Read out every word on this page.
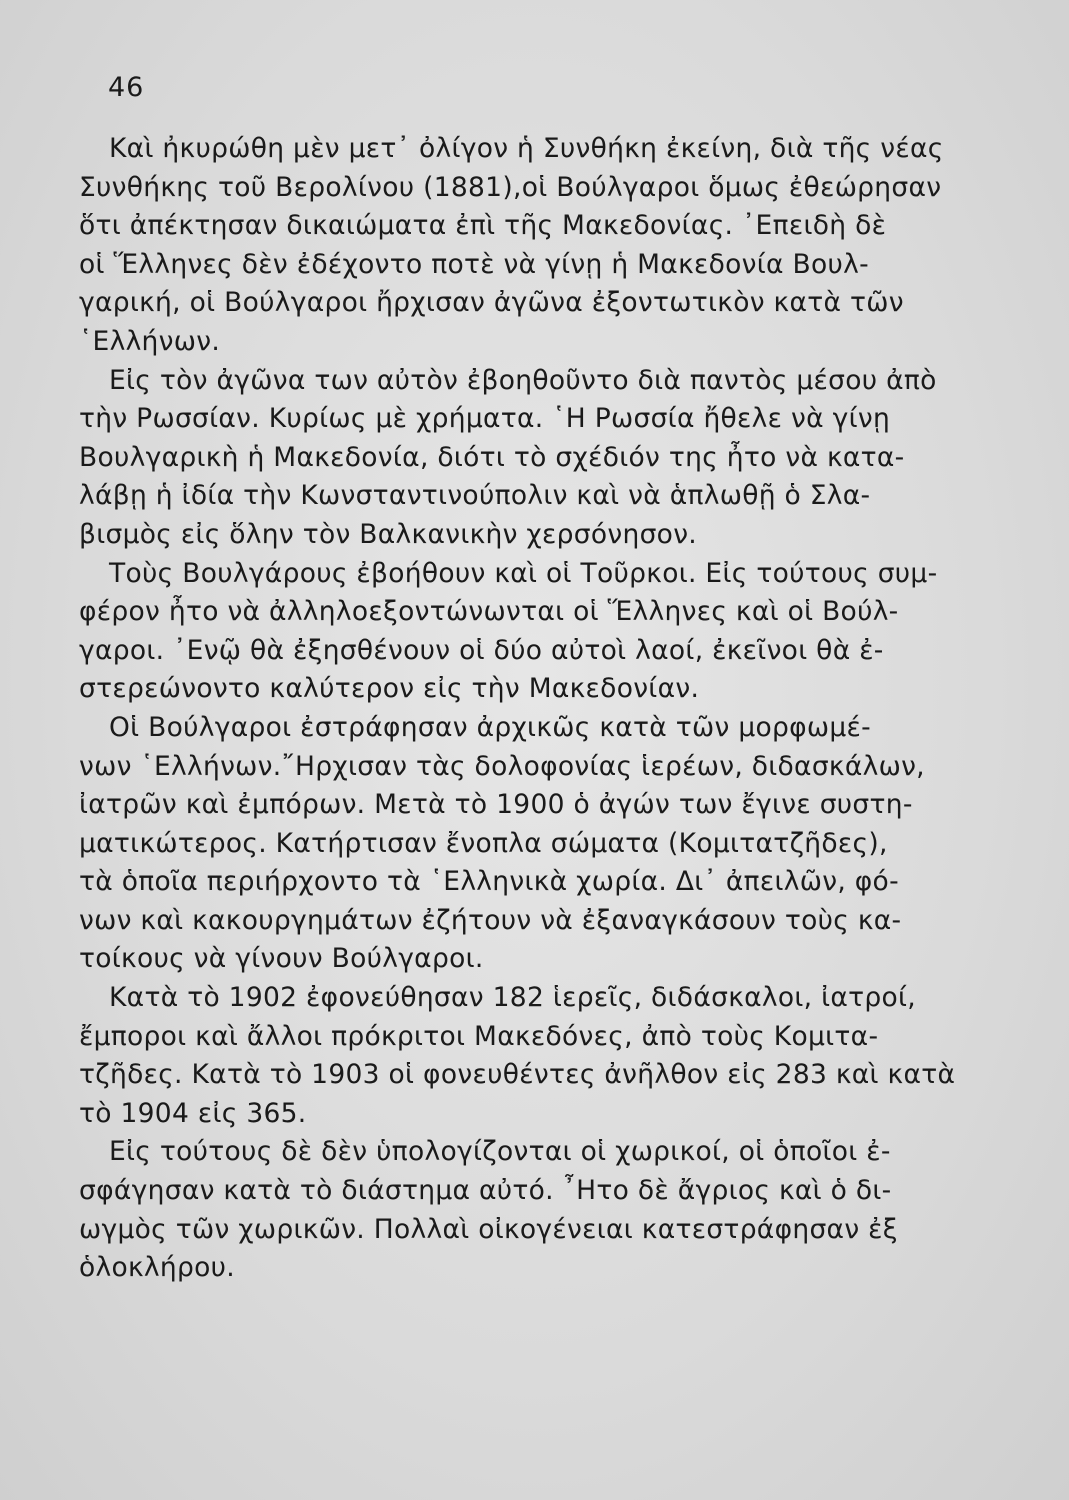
46
Καὶ ἠκυρώθη μὲν μετ᾽ ὀλίγον ἡ Συνθήκη ἐκείνη, διὰ τῆς νέας
Συνθήκης τοῦ Βερολίνου (1881),οἱ Βούλγαροι ὅμως ἐθεώρησαν
ὅτι ἀπέκτησαν δικαιώματα ἐπὶ τῆς Μακεδονίας. ᾿Επειδὴ δὲ
οἱ Ἕλληνες δὲν ἐδέχοντο ποτὲ νὰ γίνῃ ἡ Μακεδονία Βουλ-
γαρική, οἱ Βούλγαροι ἤρχισαν ἀγῶνα ἐξοντωτικὸν κατὰ τῶν
῾Ελλήνων.
Εἰς τὸν ἀγῶνα των αὐτὸν ἐβοηθοῦντο διὰ παντὸς μέσου ἀπὸ
τὴν Ρωσσίαν. Κυρίως μὲ χρήματα. ῾Η Ρωσσία ἤθελε νὰ γίνῃ
Βουλγαρικὴ ἡ Μακεδονία, διότι τὸ σχέδιόν της ἦτο νὰ κατα-
λάβῃ ἡ ἰδία τὴν Κωνσταντινούπολιν καὶ νὰ ἁπλωθῇ ὁ Σλα-
βισμὸς εἰς ὅλην τὸν Βαλκανικὴν χερσόνησον.
Τοὺς Βουλγάρους ἐβοήθουν καὶ οἱ Τοῦρκοι. Εἰς τούτους συμ-
φέρον ἦτο νὰ ἀλληλοεξοντώνωνται οἱ Ἕλληνες καὶ οἱ Βούλ-
γαροι. ᾿Ενῷ θὰ ἐξησθένουν οἱ δύο αὐτοὶ λαοί, ἐκεῖνοι θὰ ἐ-
στερεώνοντο καλύτερον εἰς τὴν Μακεδονίαν.
Οἱ Βούλγαροι ἐστράφησαν ἀρχικῶς κατὰ τῶν μορφωμέ-
νων ῾Ελλήνων.῎Ηρχισαν τὰς δολοφονίας ἱερέων, διδασκάλων,
ἰατρῶν καὶ ἐμπόρων. Μετὰ τὸ 1900 ὁ ἀγών των ἔγινε συστη-
ματικώτερος. Κατήρτισαν ἔνοπλα σώματα (Κομιτατζῆδες),
τὰ ὁποῖα περιήρχοντο τὰ ῾Ελληνικὰ χωρία. Δι᾽ ἀπειλῶν, φό-
νων καὶ κακουργημάτων ἐζήτουν νὰ ἐξαναγκάσουν τοὺς κα-
τοίκους νὰ γίνουν Βούλγαροι.
Κατὰ τὸ 1902 ἐφονεύθησαν 182 ἱερεῖς, διδάσκαλοι, ἰατροί,
ἔμποροι καὶ ἄλλοι πρόκριτοι Μακεδόνες, ἀπὸ τοὺς Κομιτα-
τζῆδες. Κατὰ τὸ 1903 οἱ φονευθέντες ἀνῆλθον εἰς 283 καὶ κατὰ
τὸ 1904 εἰς 365.
Εἰς τούτους δὲ δὲν ὑπολογίζονται οἱ χωρικοί, οἱ ὁποῖοι ἐ-
σφάγησαν κατὰ τὸ διάστημα αὐτό. ῏Ητο δὲ ἄγριος καὶ ὁ δι-
ωγμὸς τῶν χωρικῶν. Πολλαὶ οἰκογένειαι κατεστράφησαν ἐξ
ὁλοκλήρου.
